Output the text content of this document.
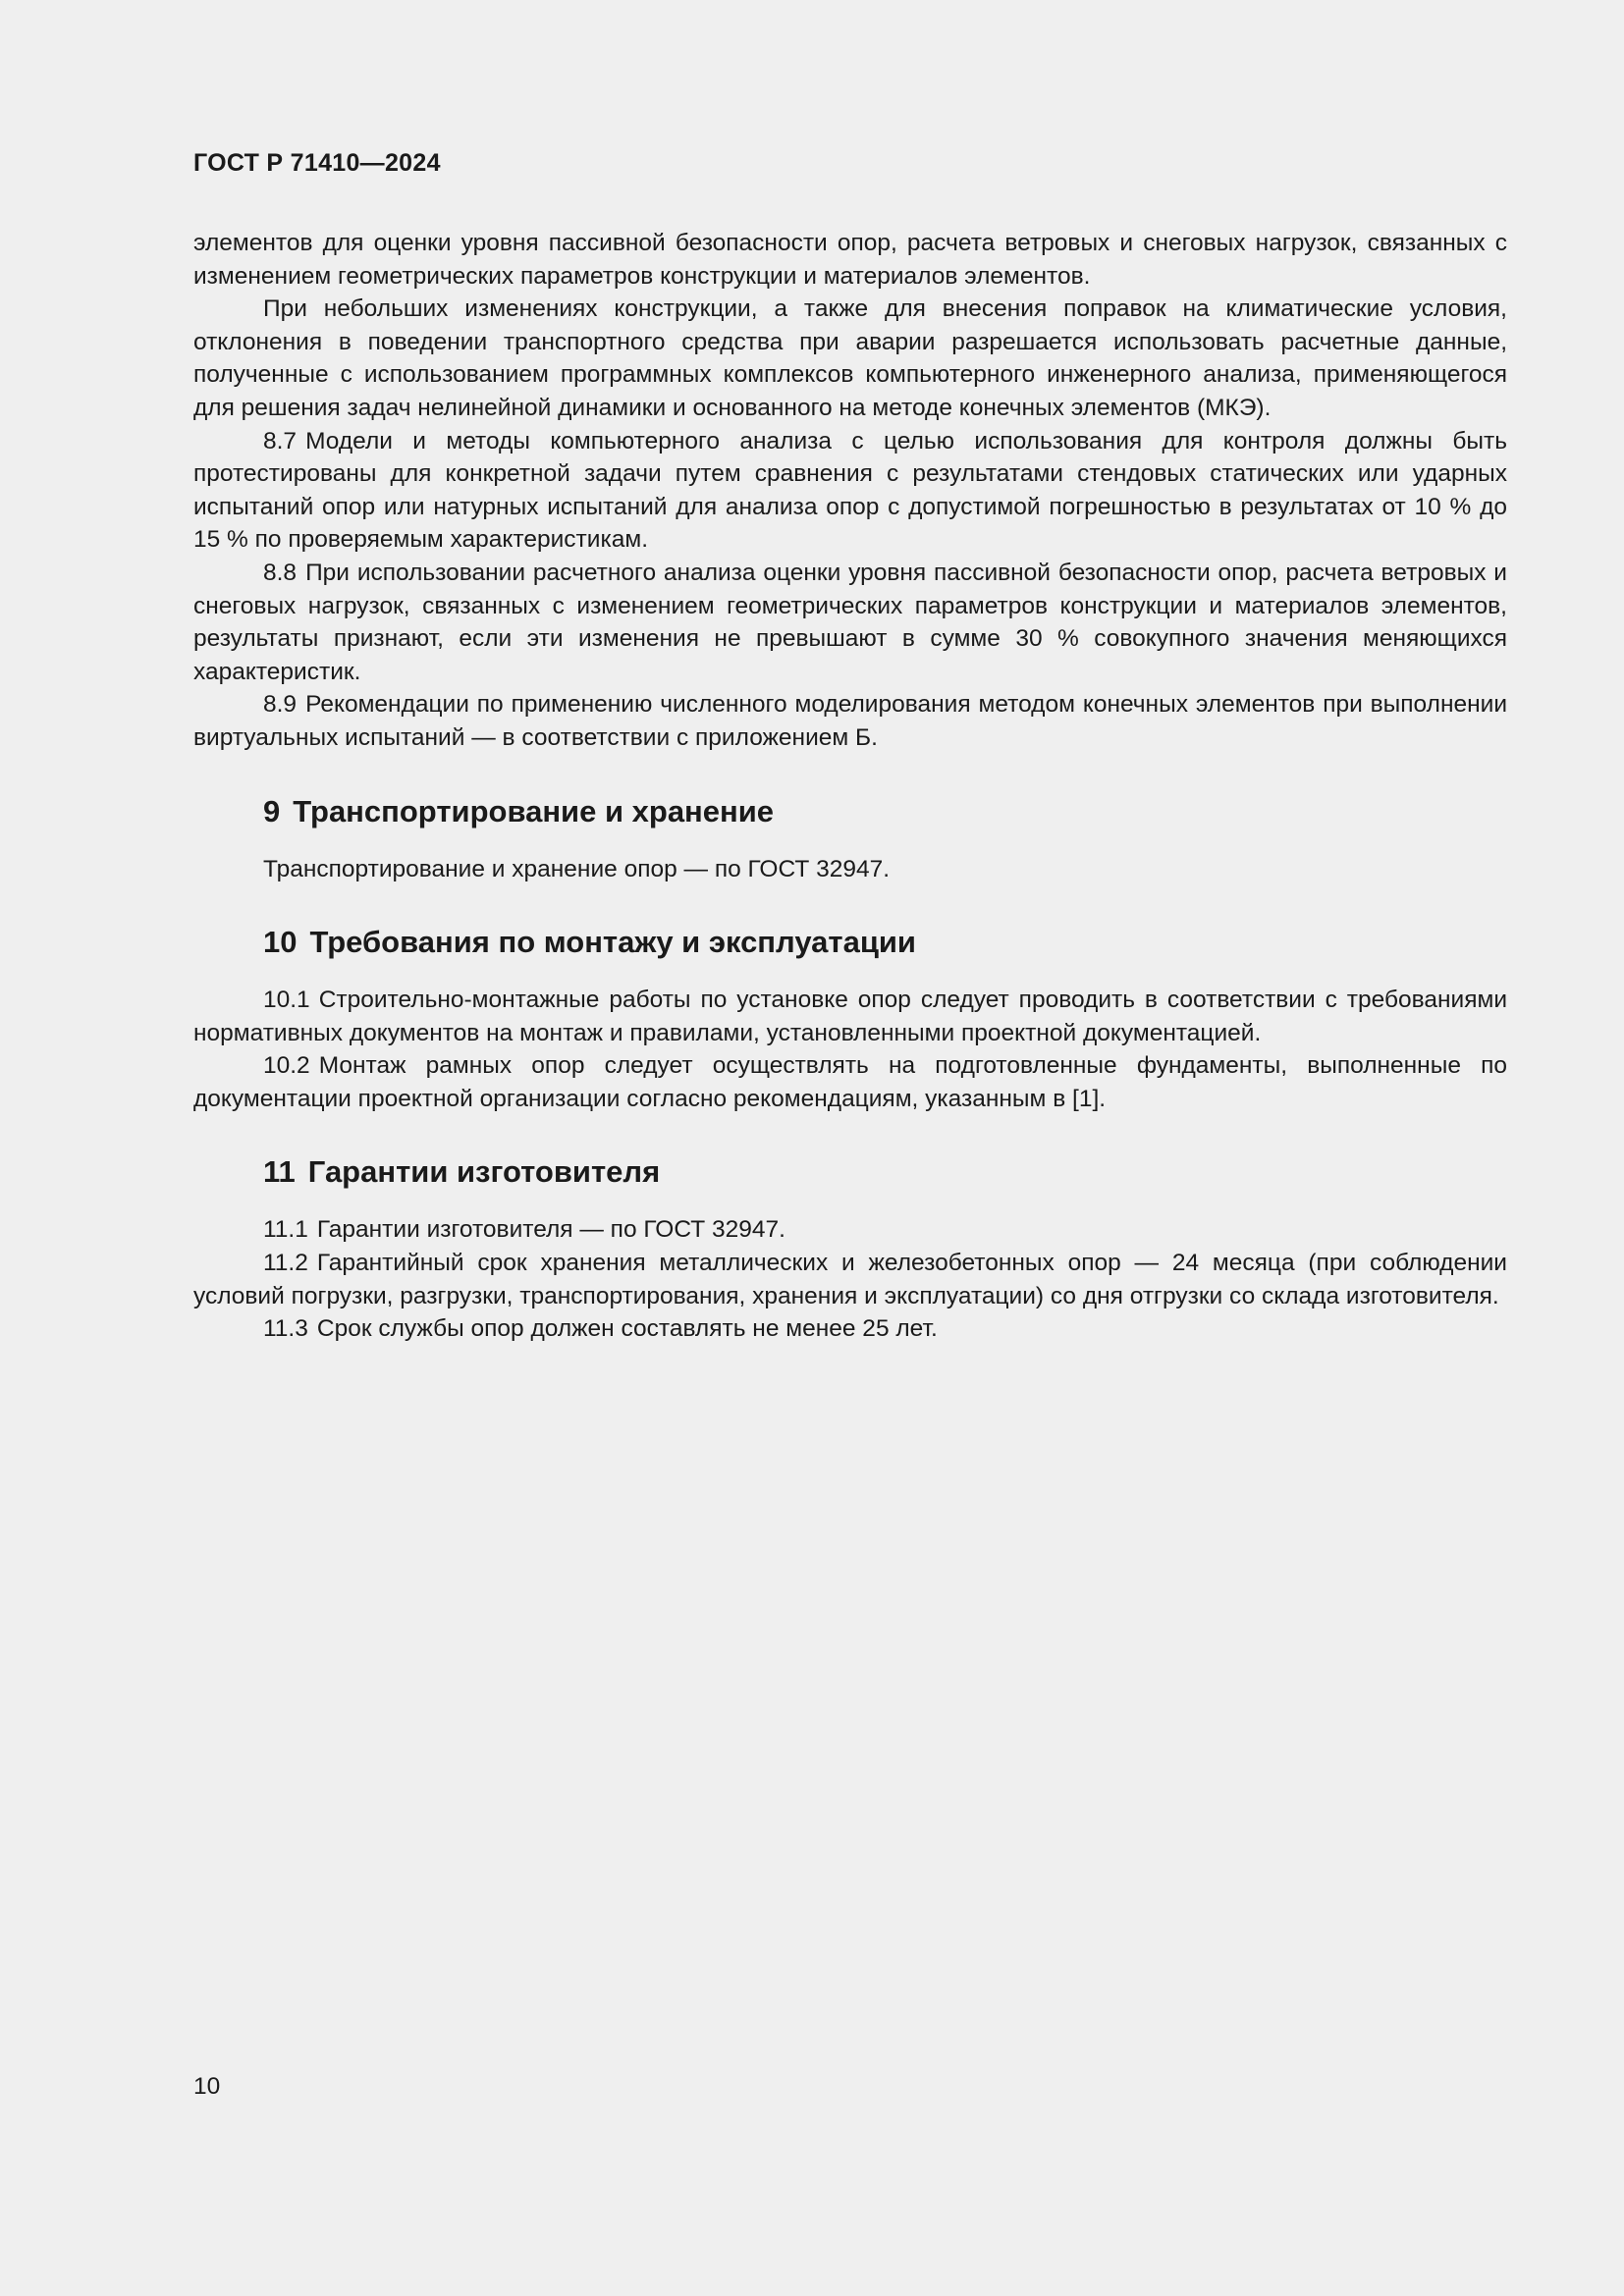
ГОСТ Р 71410—2024

элементов для оценки уровня пассивной безопасности опор, расчета ветровых и снеговых нагрузок, связанных с изменением геометрических параметров конструкции и материалов элементов.

При небольших изменениях конструкции, а также для внесения поправок на климатические условия, отклонения в поведении транспортного средства при аварии разрешается использовать расчетные данные, полученные с использованием программных комплексов компьютерного инженерного анализа, применяющегося для решения задач нелинейной динамики и основанного на методе конечных элементов (МКЭ).

8.7 Модели и методы компьютерного анализа с целью использования для контроля должны быть протестированы для конкретной задачи путем сравнения с результатами стендовых статических или ударных испытаний опор или натурных испытаний для анализа опор с допустимой погрешностью в результатах от 10 % до 15 % по проверяемым характеристикам.

8.8 При использовании расчетного анализа оценки уровня пассивной безопасности опор, расчета ветровых и снеговых нагрузок, связанных с изменением геометрических параметров конструкции и материалов элементов, результаты признают, если эти изменения не превышают в сумме 30 % совокупного значения меняющихся характеристик.

8.9 Рекомендации по применению численного моделирования методом конечных элементов при выполнении виртуальных испытаний — в соответствии с приложением Б.

9 Транспортирование и хранение

Транспортирование и хранение опор — по ГОСТ 32947.

10 Требования по монтажу и эксплуатации

10.1 Строительно-монтажные работы по установке опор следует проводить в соответствии с требованиями нормативных документов на монтаж и правилами, установленными проектной документацией.

10.2 Монтаж рамных опор следует осуществлять на подготовленные фундаменты, выполненные по документации проектной организации согласно рекомендациям, указанным в [1].

11 Гарантии изготовителя

11.1 Гарантии изготовителя — по ГОСТ 32947.

11.2 Гарантийный срок хранения металлических и железобетонных опор — 24 месяца (при соблюдении условий погрузки, разгрузки, транспортирования, хранения и эксплуатации) со дня отгрузки со склада изготовителя.

11.3 Срок службы опор должен составлять не менее 25 лет.

10
